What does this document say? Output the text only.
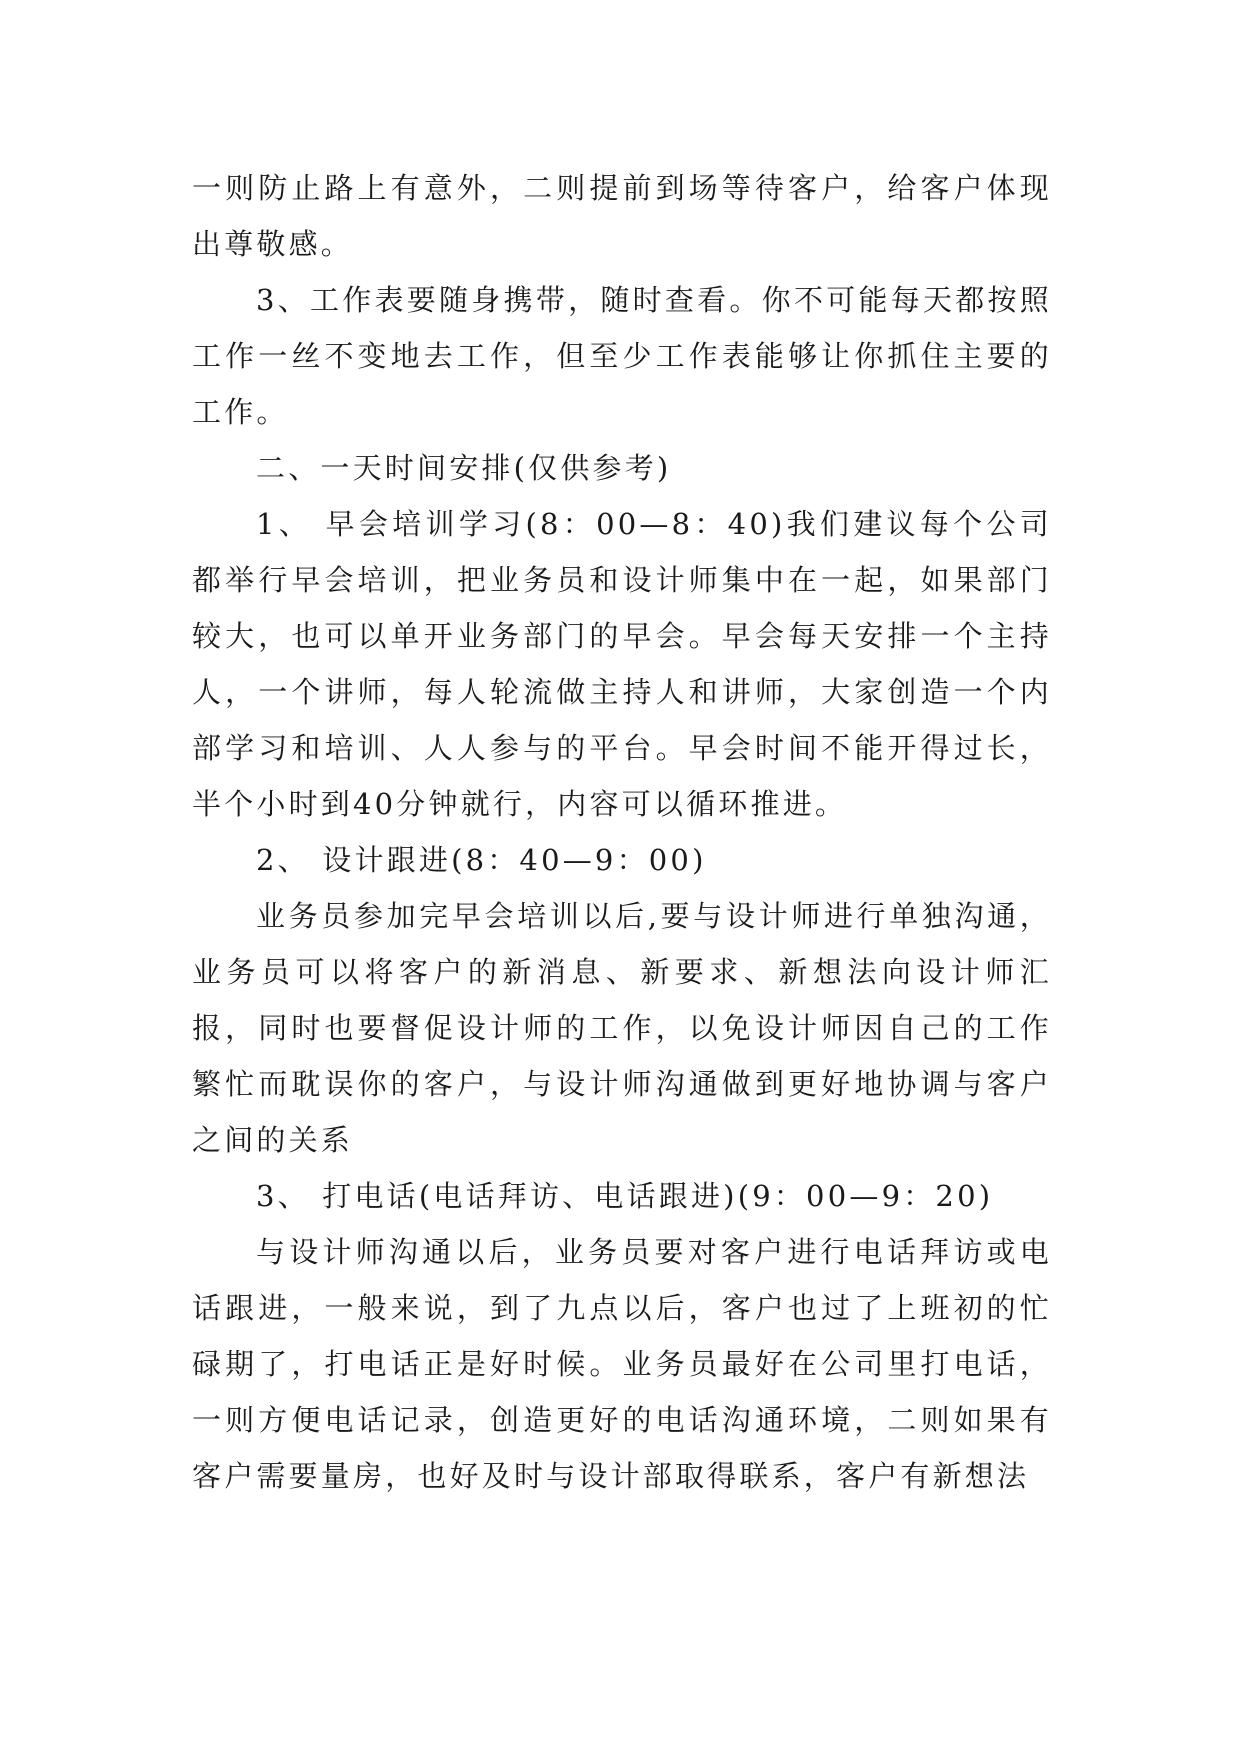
一则防止路上有意外，二则提前到场等待客户，给客户体现出尊敬感。

3、工作表要随身携带，随时查看。你不可能每天都按照工作一丝不变地去工作，但至少工作表能够让你抓住主要的工作。

二、一天时间安排(仅供参考)

1、 早会培训学习(8：00—8：40)我们建议每个公司都举行早会培训，把业务员和设计师集中在一起，如果部门较大，也可以单开业务部门的早会。早会每天安排一个主持人，一个讲师，每人轮流做主持人和讲师，大家创造一个内部学习和培训、人人参与的平台。早会时间不能开得过长，半个小时到40分钟就行，内容可以循环推进。

2、 设计跟进(8：40—9：00)

业务员参加完早会培训以后,要与设计师进行单独沟通，业务员可以将客户的新消息、新要求、新想法向设计师汇报，同时也要督促设计师的工作，以免设计师因自己的工作繁忙而耽误你的客户，与设计师沟通做到更好地协调与客户之间的关系

3、 打电话(电话拜访、电话跟进)(9：00—9：20)

与设计师沟通以后，业务员要对客户进行电话拜访或电话跟进，一般来说，到了九点以后，客户也过了上班初的忙碌期了，打电话正是好时候。业务员最好在公司里打电话，一则方便电话记录，创造更好的电话沟通环境，二则如果有客户需要量房，也好及时与设计部取得联系，客户有新想法
